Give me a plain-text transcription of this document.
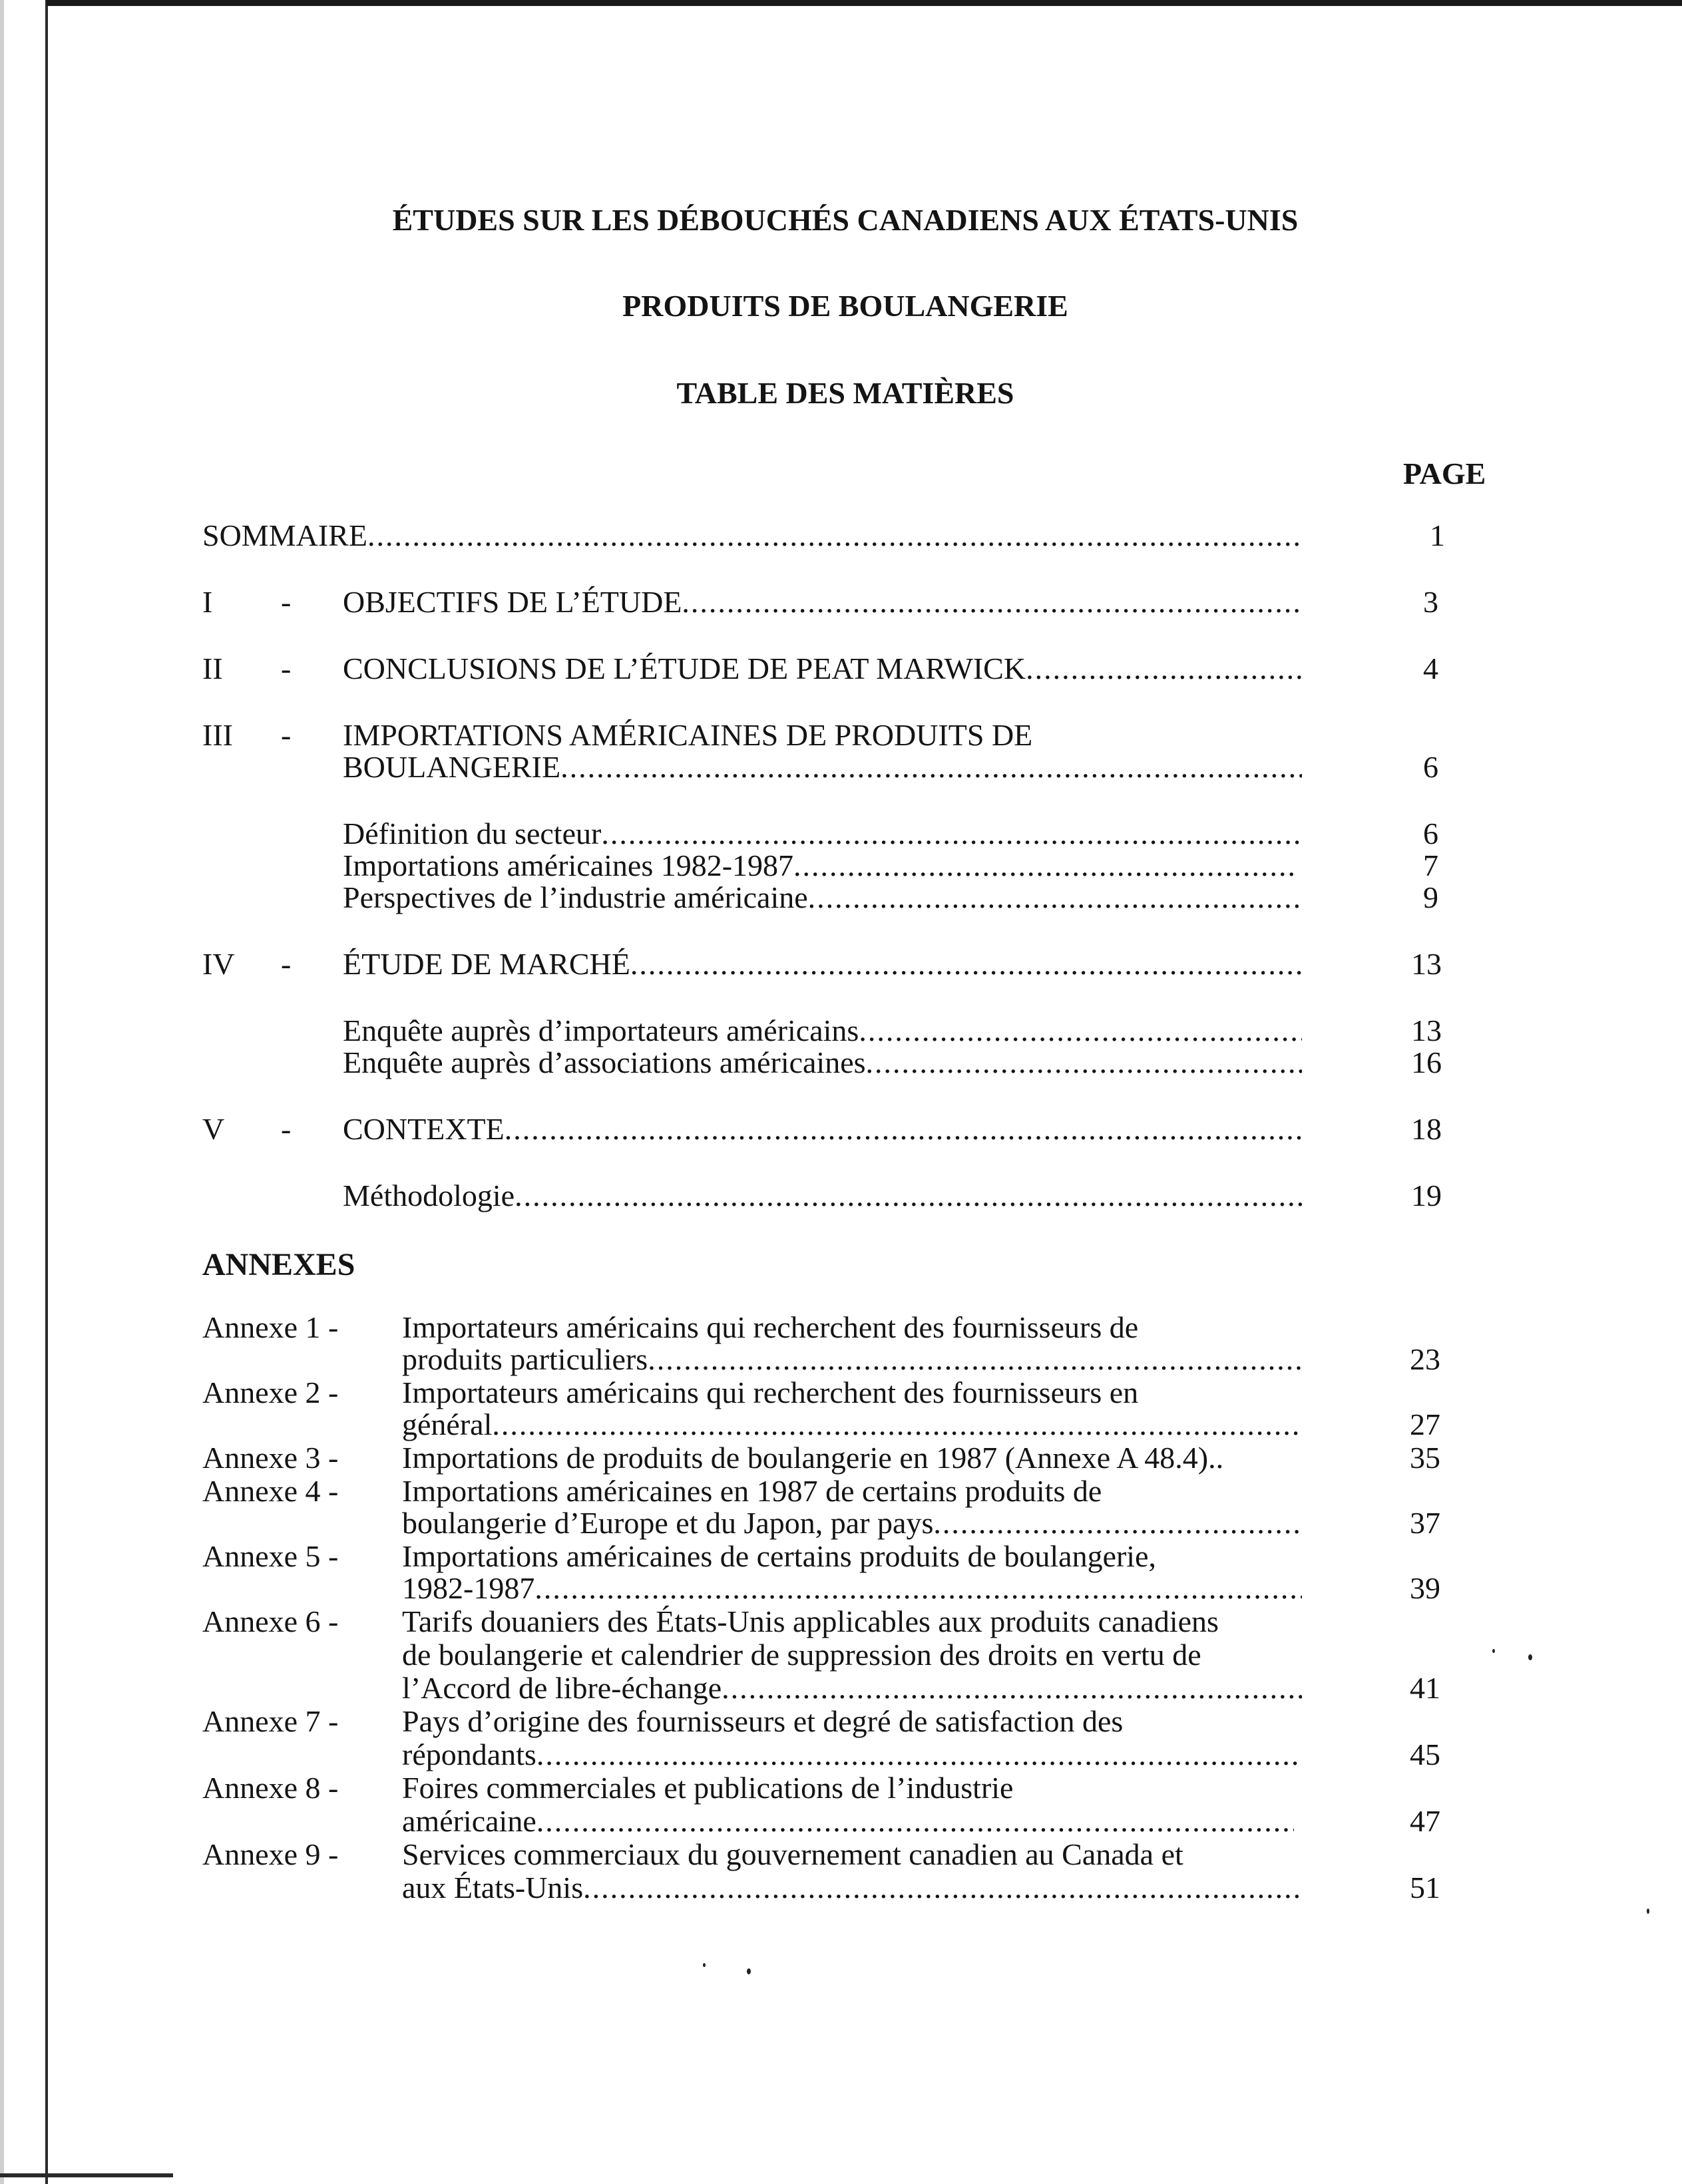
ÉTUDES SUR LES DÉBOUCHÉS CANADIENS AUX ÉTATS-UNIS
PRODUITS DE BOULANGERIE
TABLE DES MATIÈRES
PAGE
SOMMAIRE .....	1
I - OBJECTIFS DE L’ÉTUDE .....	3
II - CONCLUSIONS DE L’ÉTUDE DE PEAT MARWICK .....	4
III - IMPORTATIONS AMÉRICAINES DE PRODUITS DE
BOULANGERIE .....	6
Définition du secteur .....	6
Importations américaines 1982-1987 .....	7
Perspectives de l’industrie américaine .....	9
IV - ÉTUDE DE MARCHÉ .....	13
Enquête auprès d’importateurs américains .....	13
Enquête auprès d’associations américaines .....	16
V - CONTEXTE .....	18
Méthodologie .....	19
ANNEXES
Annexe 1 - Importateurs américains qui recherchent des fournisseurs de
produits particuliers .....	23
Annexe 2 - Importateurs américains qui recherchent des fournisseurs en
général .....	27
Annexe 3 - Importations de produits de boulangerie en 1987 (Annexe A 48.4)..	35
Annexe 4 - Importations américaines en 1987 de certains produits de
boulangerie d’Europe et du Japon, par pays .....	37
Annexe 5 - Importations américaines de certains produits de boulangerie,
1982-1987 .....	39
Annexe 6 - Tarifs douaniers des États-Unis applicables aux produits canadiens
de boulangerie et calendrier de suppression des droits en vertu de
l’Accord de libre-échange .....	41
Annexe 7 - Pays d’origine des fournisseurs et degré de satisfaction des
répondants .....	45
Annexe 8 - Foires commerciales et publications de l’industrie
américaine .....	47
Annexe 9 - Services commerciaux du gouvernement canadien au Canada et
aux États-Unis .....	51
